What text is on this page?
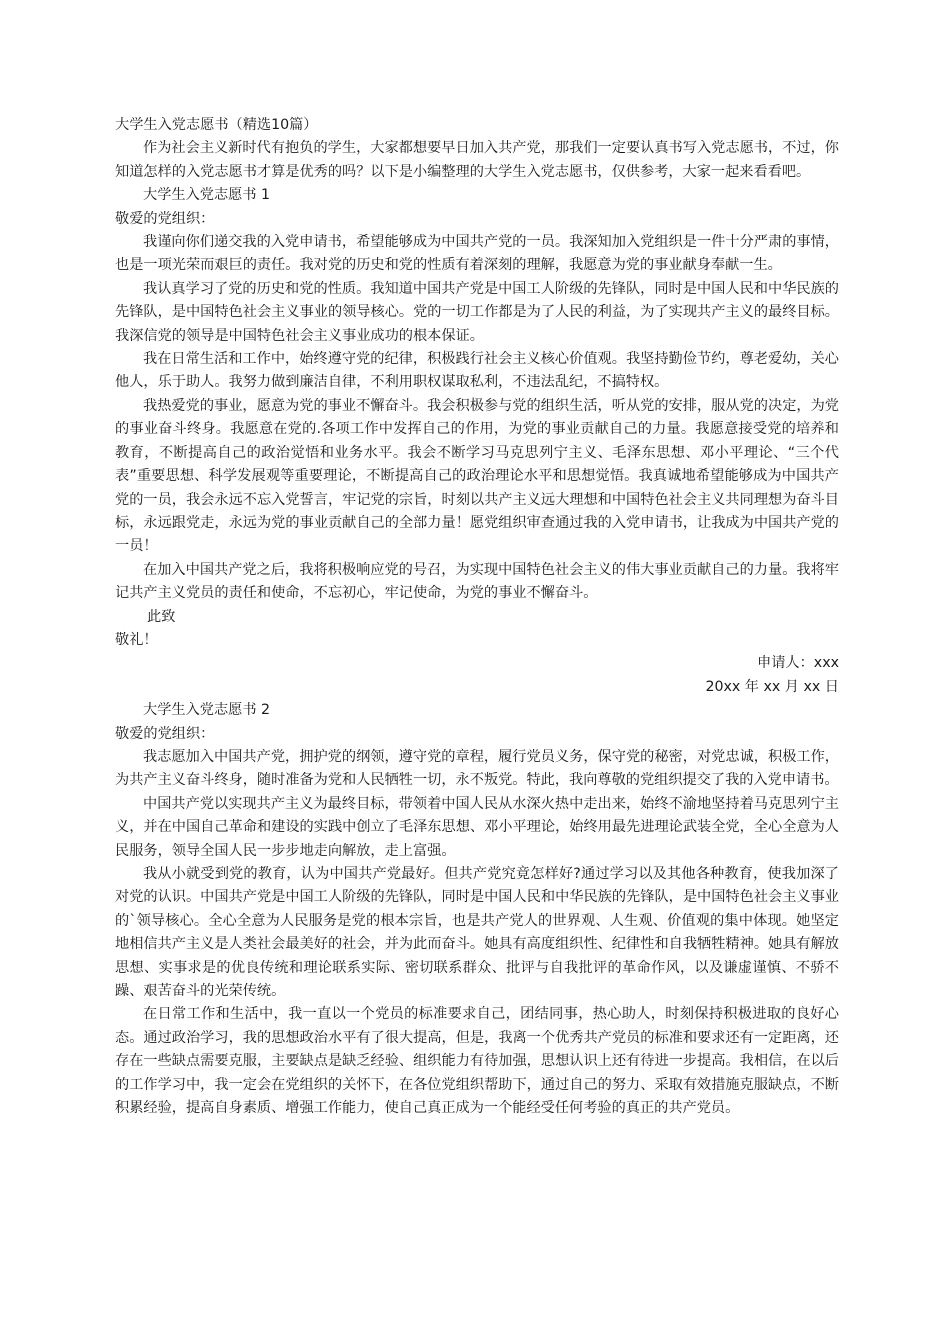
大学生入党志愿书（精选10篇）

作为社会主义新时代有抱负的学生，大家都想要早日加入共产党，那我们一定要认真书写入党志愿书，不过，你知道怎样的入党志愿书才算是优秀的吗？以下是小编整理的大学生入党志愿书，仅供参考，大家一起来看看吧。

大学生入党志愿书 1

敬爱的党组织：

我谨向你们递交我的入党申请书，希望能够成为中国共产党的一员。我深知加入党组织是一件十分严肃的事情，也是一项光荣而艰巨的责任。我对党的历史和党的性质有着深刻的理解，我愿意为党的事业献身奉献一生。

我认真学习了党的历史和党的性质。我知道中国共产党是中国工人阶级的先锋队，同时是中国人民和中华民族的先锋队，是中国特色社会主义事业的领导核心。党的一切工作都是为了人民的利益，为了实现共产主义的最终目标。我深信党的领导是中国特色社会主义事业成功的根本保证。

我在日常生活和工作中，始终遵守党的纪律，积极践行社会主义核心价值观。我坚持勤俭节约，尊老爱幼，关心他人，乐于助人。我努力做到廉洁自律，不利用职权谋取私利，不违法乱纪，不搞特权。

我热爱党的事业，愿意为党的事业不懈奋斗。我会积极参与党的组织生活，听从党的安排，服从党的决定，为党的事业奋斗终身。我愿意在党的.各项工作中发挥自己的作用，为党的事业贡献自己的力量。我愿意接受党的培养和教育，不断提高自己的政治觉悟和业务水平。我会不断学习马克思列宁主义、毛泽东思想、邓小平理论、“三个代表”重要思想、科学发展观等重要理论，不断提高自己的政治理论水平和思想觉悟。我真诚地希望能够成为中国共产党的一员，我会永远不忘入党誓言，牢记党的宗旨，时刻以共产主义远大理想和中国特色社会主义共同理想为奋斗目标，永远跟党走，永远为党的事业贡献自己的全部力量！愿党组织审查通过我的入党申请书，让我成为中国共产党的一员！

在加入中国共产党之后，我将积极响应党的号召，为实现中国特色社会主义的伟大事业贡献自己的力量。我将牢记共产主义党员的责任和使命，不忘初心，牢记使命，为党的事业不懈奋斗。

此致

敬礼！

申请人：xxx

20xx 年 xx 月 xx 日

大学生入党志愿书 2

敬爱的党组织：

我志愿加入中国共产党，拥护党的纲领，遵守党的章程，履行党员义务，保守党的秘密，对党忠诚，积极工作，为共产主义奋斗终身，随时准备为党和人民牺牲一切，永不叛党。特此，我向尊敬的党组织提交了我的入党申请书。

中国共产党以实现共产主义为最终目标，带领着中国人民从水深火热中走出来，始终不渝地坚持着马克思列宁主义，并在中国自己革命和建设的实践中创立了毛泽东思想、邓小平理论，始终用最先进理论武装全党，全心全意为人民服务，领导全国人民一步步地走向解放，走上富强。

我从小就受到党的教育，认为中国共产党最好。但共产党究竟怎样好?通过学习以及其他各种教育，使我加深了对党的认识。中国共产党是中国工人阶级的先锋队，同时是中国人民和中华民族的先锋队，是中国特色社会主义事业的`领导核心。全心全意为人民服务是党的根本宗旨，也是共产党人的世界观、人生观、价值观的集中体现。她坚定地相信共产主义是人类社会最美好的社会，并为此而奋斗。她具有高度组织性、纪律性和自我牺牲精神。她具有解放思想、实事求是的优良传统和理论联系实际、密切联系群众、批评与自我批评的革命作风，以及谦虚谨慎、不骄不躁、艰苦奋斗的光荣传统。

在日常工作和生活中，我一直以一个党员的标准要求自己，团结同事，热心助人，时刻保持积极进取的良好心态。通过政治学习，我的思想政治水平有了很大提高，但是，我离一个优秀共产党员的标准和要求还有一定距离，还存在一些缺点需要克服，主要缺点是缺乏经验、组织能力有待加强，思想认识上还有待进一步提高。我相信，在以后的工作学习中，我一定会在党组织的关怀下，在各位党组织帮助下，通过自己的努力、采取有效措施克服缺点，不断积累经验，提高自身素质、增强工作能力，使自己真正成为一个能经受任何考验的真正的共产党员。
